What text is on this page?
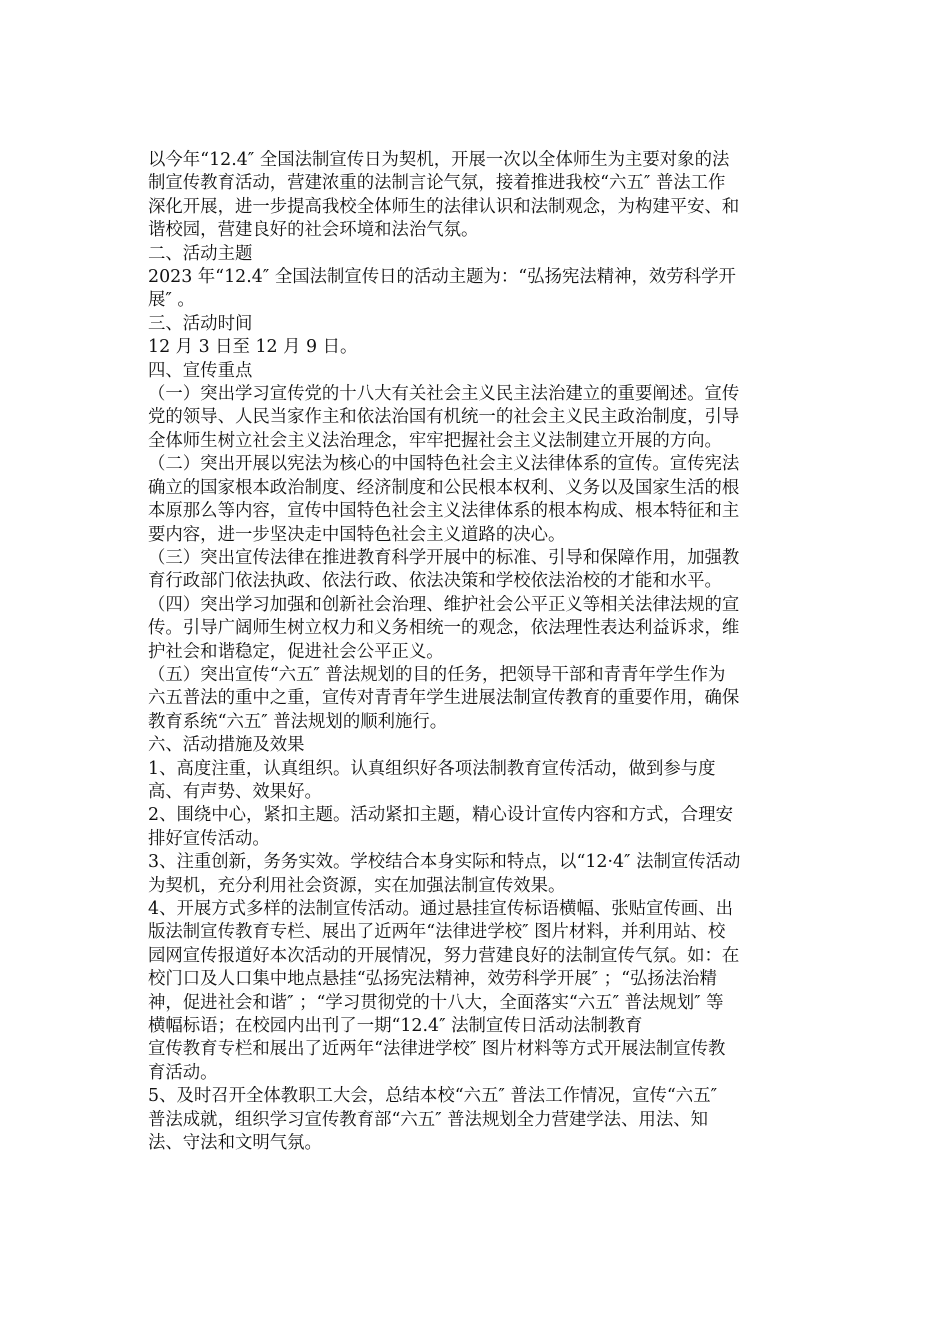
以今年“12.4″ 全国法制宣传日为契机，开展一次以全体师生为主要对象的法
制宣传教育活动，营建浓重的法制言论气氛，接着推进我校“六五″ 普法工作
深化开展，进一步提高我校全体师生的法律认识和法制观念，为构建平安、和
谐校园，营建良好的社会环境和法治气氛。
二、活动主题
2023 年“12.4″ 全国法制宣传日的活动主题为：“弘扬宪法精神，效劳科学开
展″ 。
三、活动时间
12 月 3 日至 12 月 9 日。
四、宣传重点
（一）突出学习宣传党的十八大有关社会主义民主法治建立的重要阐述。宣传
党的领导、人民当家作主和依法治国有机统一的社会主义民主政治制度，引导
全体师生树立社会主义法治理念，牢牢把握社会主义法制建立开展的方向。
（二）突出开展以宪法为核心的中国特色社会主义法律体系的宣传。宣传宪法
确立的国家根本政治制度、经济制度和公民根本权利、义务以及国家生活的根
本原那么等内容，宣传中国特色社会主义法律体系的根本构成、根本特征和主
要内容，进一步坚决走中国特色社会主义道路的决心。
（三）突出宣传法律在推进教育科学开展中的标准、引导和保障作用，加强教
育行政部门依法执政、依法行政、依法决策和学校依法治校的才能和水平。
（四）突出学习加强和创新社会治理、维护社会公平正义等相关法律法规的宣
传。引导广阔师生树立权力和义务相统一的观念，依法理性表达利益诉求，维
护社会和谐稳定，促进社会公平正义。
（五）突出宣传“六五″ 普法规划的目的任务，把领导干部和青青年学生作为
六五普法的重中之重，宣传对青青年学生进展法制宣传教育的重要作用，确保
教育系统“六五″ 普法规划的顺利施行。
六、活动措施及效果
1、高度注重，认真组织。认真组织好各项法制教育宣传活动，做到参与度
高、有声势、效果好。
2、围绕中心，紧扣主题。活动紧扣主题，精心设计宣传内容和方式，合理安
排好宣传活动。
3、注重创新，务务实效。学校结合本身实际和特点，以“12·4″ 法制宣传活动
为契机，充分利用社会资源，实在加强法制宣传效果。
4、开展方式多样的法制宣传活动。通过悬挂宣传标语横幅、张贴宣传画、出
版法制宣传教育专栏、展出了近两年“法律进学校″ 图片材料，并利用站、校
园网宣传报道好本次活动的开展情况，努力营建良好的法制宣传气氛。如：在
校门口及人口集中地点悬挂“弘扬宪法精神，效劳科学开展″ ；“弘扬法治精
神，促进社会和谐″ ；“学习贯彻党的十八大，全面落实“六五″ 普法规划″ 等
横幅标语；在校园内出刊了一期“12.4″ 法制宣传日活动法制教育
宣传教育专栏和展出了近两年“法律进学校″ 图片材料等方式开展法制宣传教
育活动。
5、及时召开全体教职工大会，总结本校“六五″ 普法工作情况，宣传“六五″
普法成就，组织学习宣传教育部“六五″ 普法规划全力营建学法、用法、知
法、守法和文明气氛。
